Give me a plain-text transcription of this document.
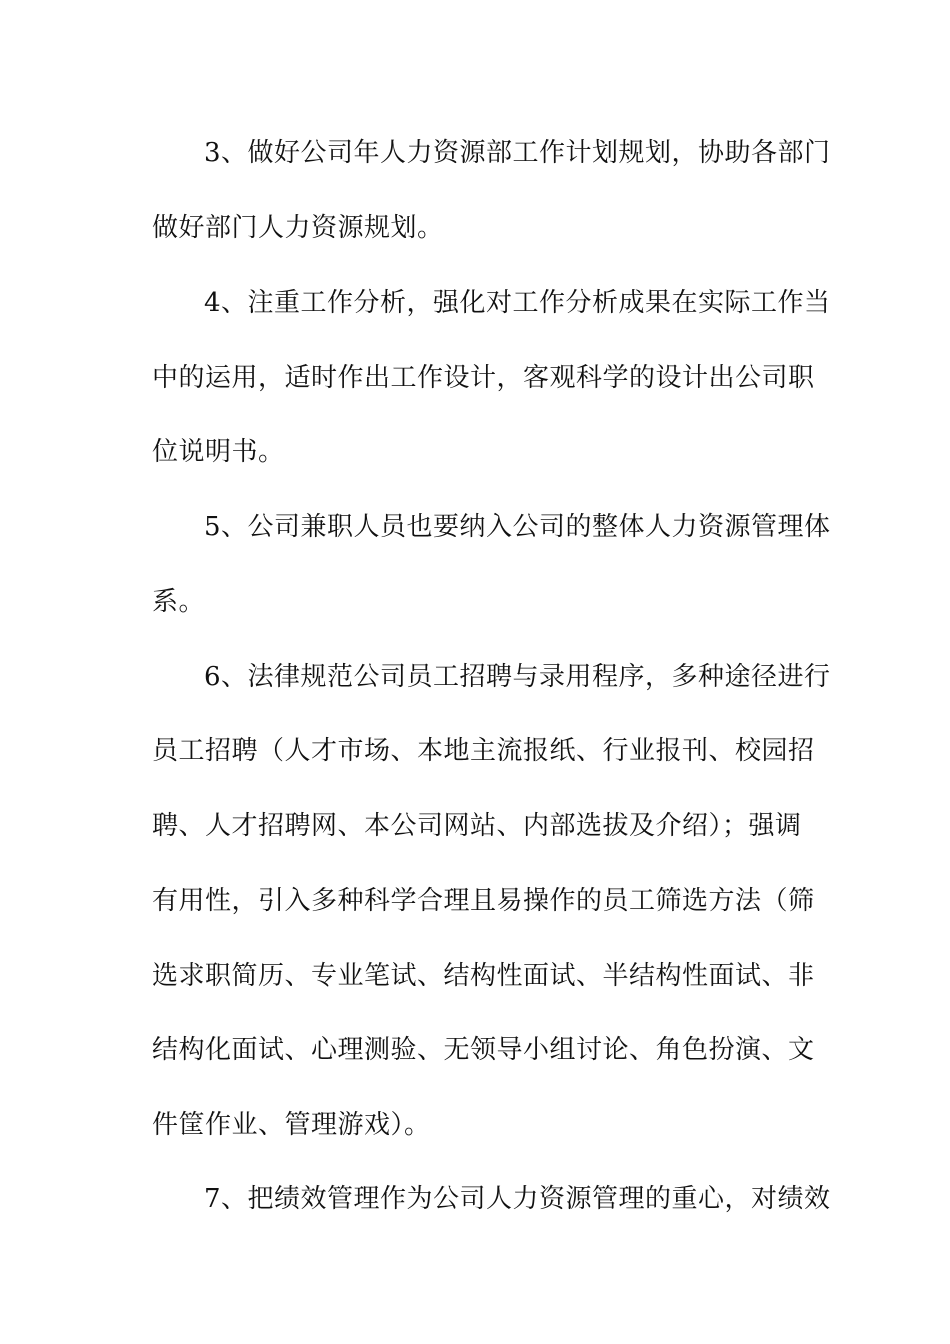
3、做好公司年人力资源部工作计划规划，协助各部门
做好部门人力资源规划。
4、注重工作分析，强化对工作分析成果在实际工作当
中的运用，适时作出工作设计，客观科学的设计出公司职
位说明书。
5、公司兼职人员也要纳入公司的整体人力资源管理体
系。
6、法律规范公司员工招聘与录用程序，多种途径进行
员工招聘（人才市场、本地主流报纸、行业报刊、校园招
聘、人才招聘网、本公司网站、内部选拔及介绍）；强调
有用性，引入多种科学合理且易操作的员工筛选方法（筛
选求职简历、专业笔试、结构性面试、半结构性面试、非
结构化面试、心理测验、无领导小组讨论、角色扮演、文
件筐作业、管理游戏）。
7、把绩效管理作为公司人力资源管理的重心，对绩效
